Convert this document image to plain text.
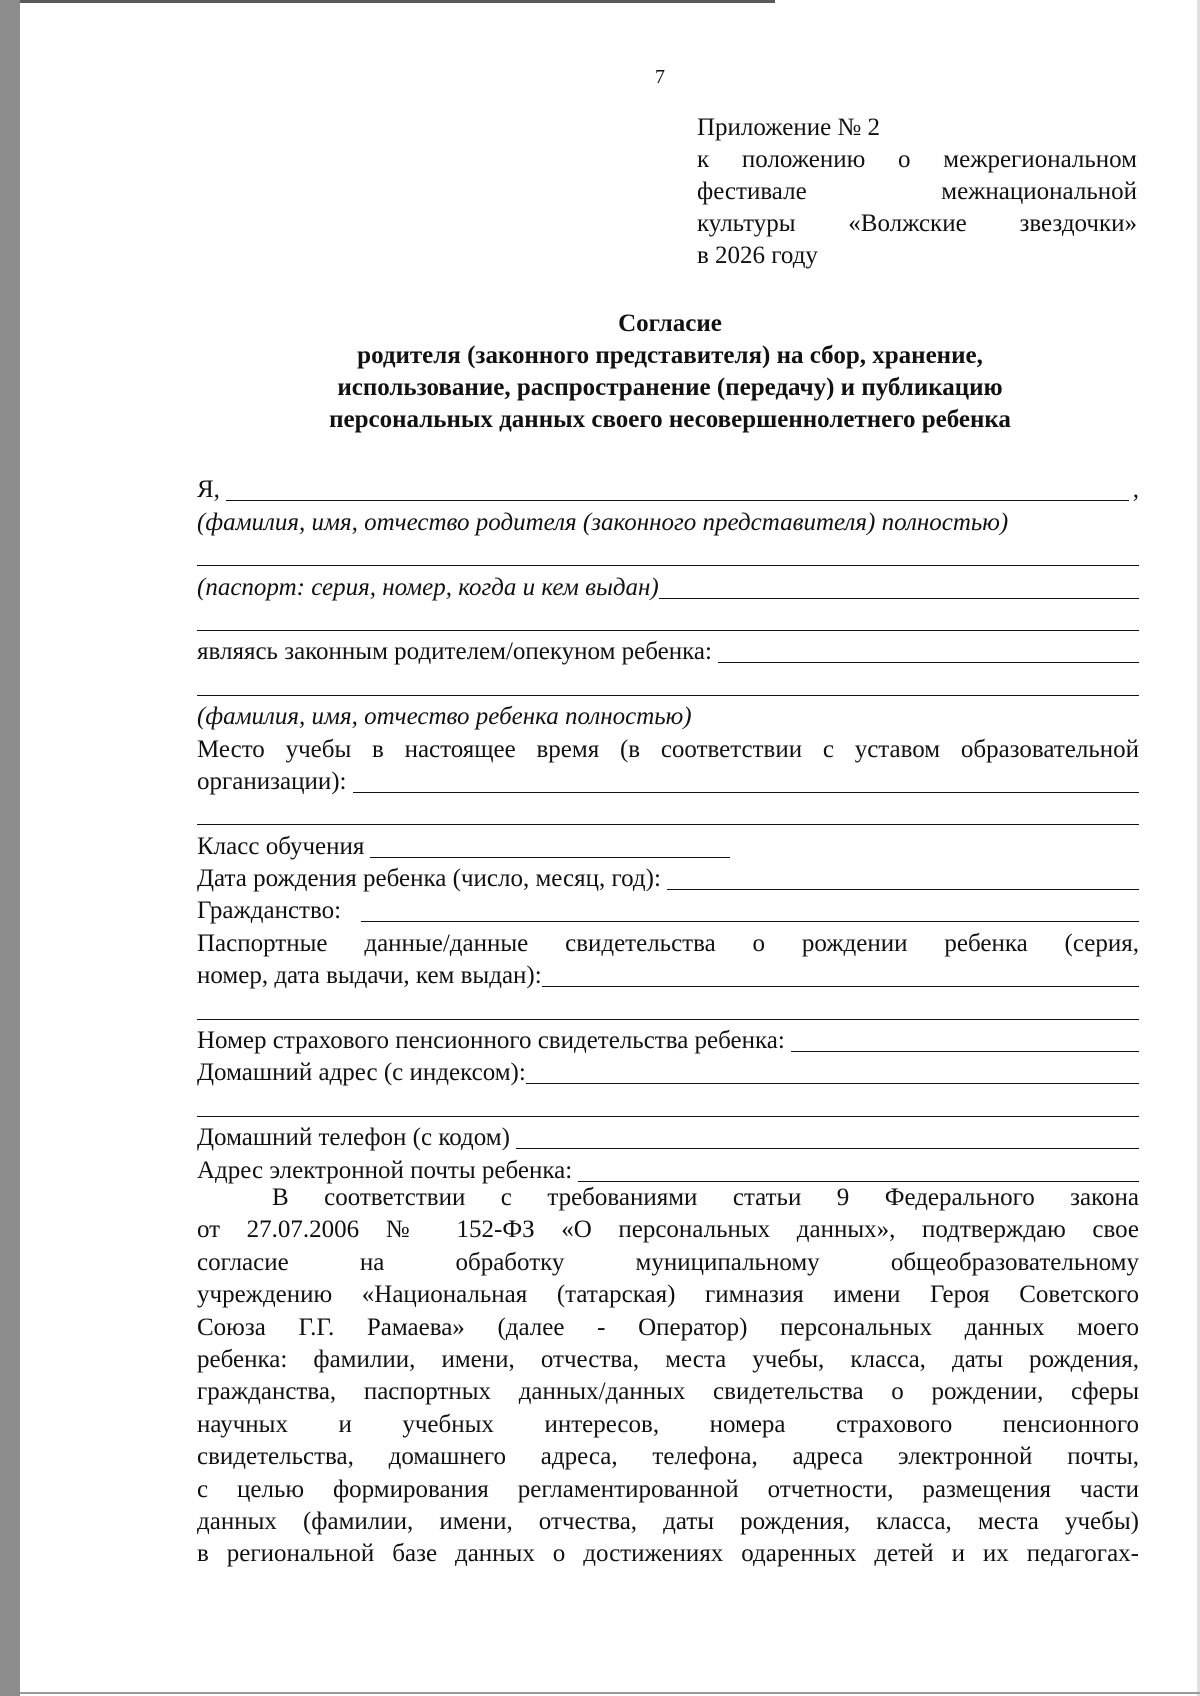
7
Приложение № 2
к положению о межрегиональном
фестивале межнациональной
культуры «Волжские звездочки»
в 2026 году
Согласие
родителя (законного представителя) на сбор, хранение,
использование, распространение (передачу) и публикацию
персональных данных своего несовершеннолетнего ребенка
Я,	,
(фамилия, имя, отчество родителя (законного представителя) полностью)
(паспорт: серия, номер, когда и кем выдан)
являясь законным родителем/опекуном ребенка:
(фамилия, имя, отчество ребенка полностью)
Место учебы в настоящее время (в соответствии с уставом образовательной
организации):
Класс обучения
Дата рождения ребенка (число, месяц, год):
Гражданство:
Паспортные данные/данные свидетельства о рождении ребенка (серия,
номер, дата выдачи, кем выдан):
Номер страхового пенсионного свидетельства ребенка:
Домашний адрес (с индексом):
Домашний телефон (с кодом)
Адрес электронной почты ребенка:
В соответствии с требованиями статьи 9 Федерального закона
от 27.07.2006 № 152-ФЗ «О персональных данных», подтверждаю свое
согласие на обработку муниципальному общеобразовательному
учреждению «Национальная (татарская) гимназия имени Героя Советского
Союза Г.Г. Рамаева» (далее - Оператор) персональных данных моего
ребенка: фамилии, имени, отчества, места учебы, класса, даты рождения,
гражданства, паспортных данных/данных свидетельства о рождении, сферы
научных и учебных интересов, номера страхового пенсионного
свидетельства, домашнего адреса, телефона, адреса электронной почты,
с целью формирования регламентированной отчетности, размещения части
данных (фамилии, имени, отчества, даты рождения, класса, места учебы)
в региональной базе данных о достижениях одаренных детей и их педагогах-
